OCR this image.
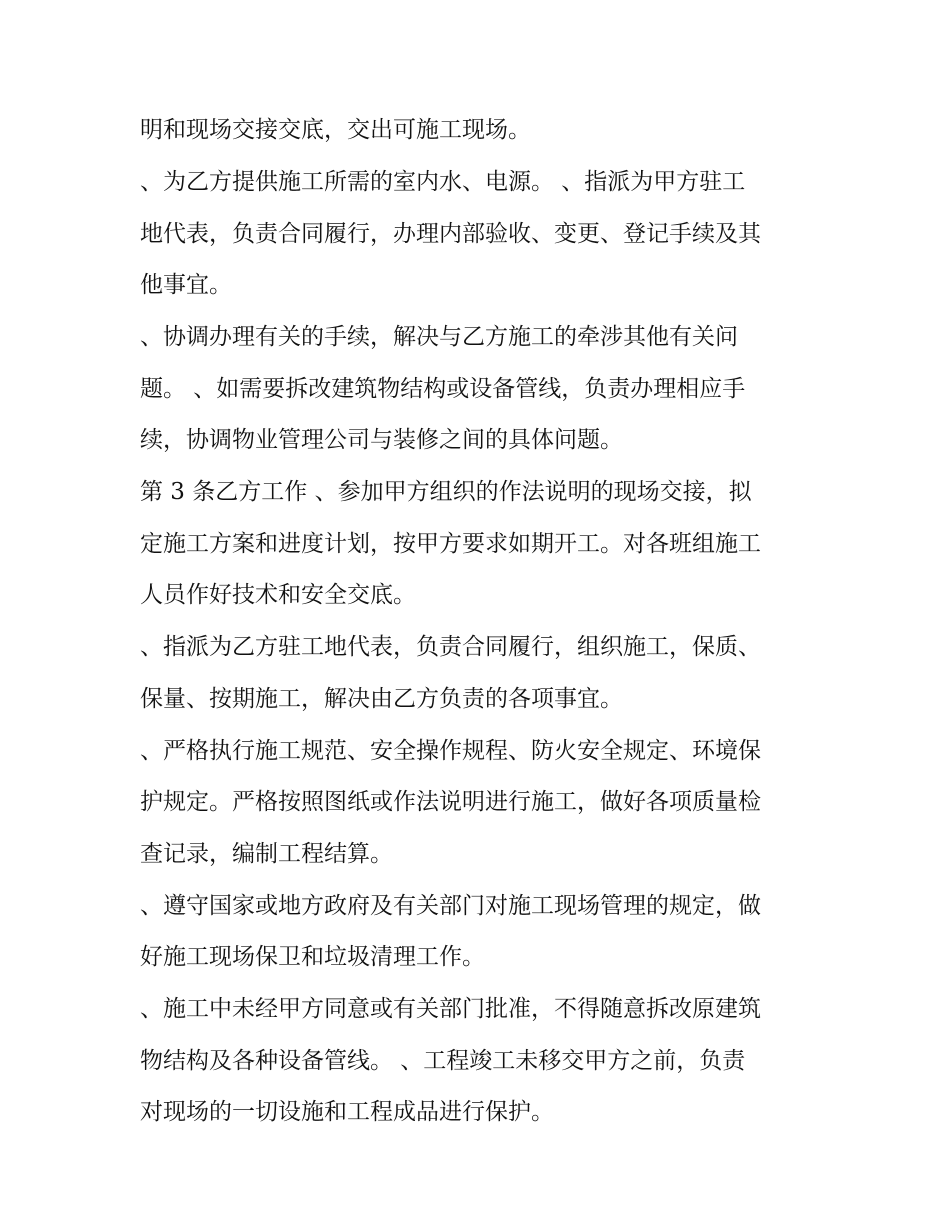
明和现场交接交底，交出可施工现场。
、为乙方提供施工所需的室内水、电源。 、指派为甲方驻工
地代表，负责合同履行，办理内部验收、变更、登记手续及其
他事宜。
、协调办理有关的手续，解决与乙方施工的牵涉其他有关问
题。 、如需要拆改建筑物结构或设备管线，负责办理相应手
续，协调物业管理公司与装修之间的具体问题。
第 3 条乙方工作 、参加甲方组织的作法说明的现场交接，拟
定施工方案和进度计划，按甲方要求如期开工。对各班组施工
人员作好技术和安全交底。
、指派为乙方驻工地代表，负责合同履行，组织施工，保质、
保量、按期施工，解决由乙方负责的各项事宜。
、严格执行施工规范、安全操作规程、防火安全规定、环境保
护规定。严格按照图纸或作法说明进行施工，做好各项质量检
查记录，编制工程结算。
、遵守国家或地方政府及有关部门对施工现场管理的规定，做
好施工现场保卫和垃圾清理工作。
、施工中未经甲方同意或有关部门批准，不得随意拆改原建筑
物结构及各种设备管线。 、工程竣工未移交甲方之前，负责
对现场的一切设施和工程成品进行保护。
